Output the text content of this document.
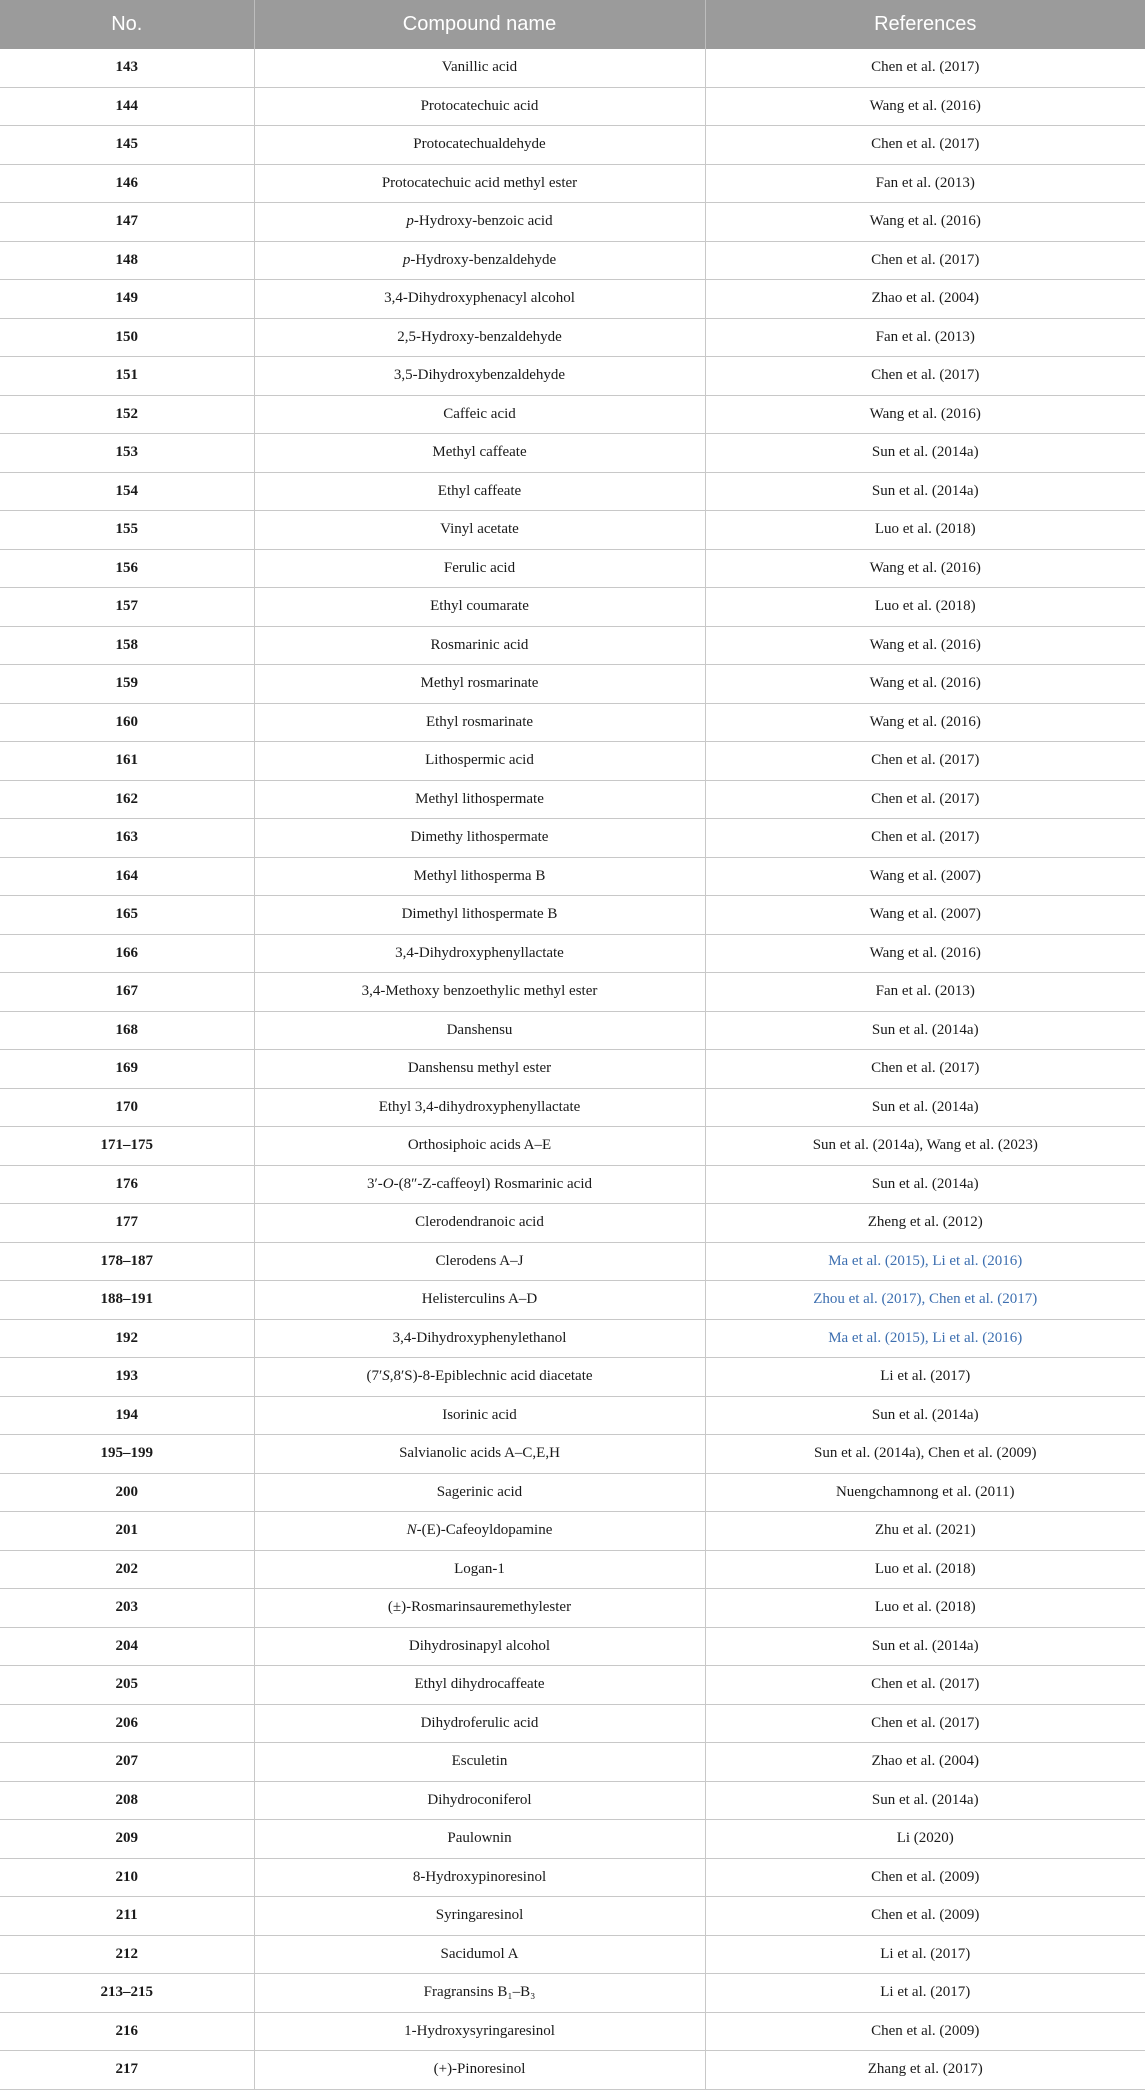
No.	Compound name	References
143	Vanillic acid	Chen et al. (2017)
144	Protocatechuic acid	Wang et al. (2016)
145	Protocatechualdehyde	Chen et al. (2017)
146	Protocatechuic acid methyl ester	Fan et al. (2013)
147	p-Hydroxy-benzoic acid	Wang et al. (2016)
148	p-Hydroxy-benzaldehyde	Chen et al. (2017)
149	3,4-Dihydroxyphenacyl alcohol	Zhao et al. (2004)
150	2,5-Hydroxy-benzaldehyde	Fan et al. (2013)
151	3,5-Dihydroxybenzaldehyde	Chen et al. (2017)
152	Caffeic acid	Wang et al. (2016)
153	Methyl caffeate	Sun et al. (2014a)
154	Ethyl caffeate	Sun et al. (2014a)
155	Vinyl acetate	Luo et al. (2018)
156	Ferulic acid	Wang et al. (2016)
157	Ethyl coumarate	Luo et al. (2018)
158	Rosmarinic acid	Wang et al. (2016)
159	Methyl rosmarinate	Wang et al. (2016)
160	Ethyl rosmarinate	Wang et al. (2016)
161	Lithospermic acid	Chen et al. (2017)
162	Methyl lithospermate	Chen et al. (2017)
163	Dimethy lithospermate	Chen et al. (2017)
164	Methyl lithosperma B	Wang et al. (2007)
165	Dimethyl lithospermate B	Wang et al. (2007)
166	3,4-Dihydroxyphenyllactate	Wang et al. (2016)
167	3,4-Methoxy benzoethylic methyl ester	Fan et al. (2013)
168	Danshensu	Sun et al. (2014a)
169	Danshensu methyl ester	Chen et al. (2017)
170	Ethyl 3,4-dihydroxyphenyllactate	Sun et al. (2014a)
171–175	Orthosiphoic acids A–E	Sun et al. (2014a), Wang et al. (2023)
176	3′-O-(8″-Z-caffeoyl) Rosmarinic acid	Sun et al. (2014a)
177	Clerodendranoic acid	Zheng et al. (2012)
178–187	Clerodens A–J	Ma et al. (2015), Li et al. (2016)
188–191	Helisterculins A–D	Zhou et al. (2017), Chen et al. (2017)
192	3,4-Dihydroxyphenylethanol	Ma et al. (2015), Li et al. (2016)
193	(7′S,8′S)-8-Epiblechnic acid diacetate	Li et al. (2017)
194	Isorinic acid	Sun et al. (2014a)
195–199	Salvianolic acids A–C,E,H	Sun et al. (2014a), Chen et al. (2009)
200	Sagerinic acid	Nuengchamnong et al. (2011)
201	N-(E)-Cafeoyldopamine	Zhu et al. (2021)
202	Logan-1	Luo et al. (2018)
203	(±)-Rosmarinsauremethylester	Luo et al. (2018)
204	Dihydrosinapyl alcohol	Sun et al. (2014a)
205	Ethyl dihydrocaffeate	Chen et al. (2017)
206	Dihydroferulic acid	Chen et al. (2017)
207	Esculetin	Zhao et al. (2004)
208	Dihydroconiferol	Sun et al. (2014a)
209	Paulownin	Li (2020)
210	8-Hydroxypinoresinol	Chen et al. (2009)
211	Syringaresinol	Chen et al. (2009)
212	Sacidumol A	Li et al. (2017)
213–215	Fragransins B₁–B₃	Li et al. (2017)
216	1-Hydroxysyringaresinol	Chen et al. (2009)
217	(+)-Pinoresinol	Zhang et al. (2017)
